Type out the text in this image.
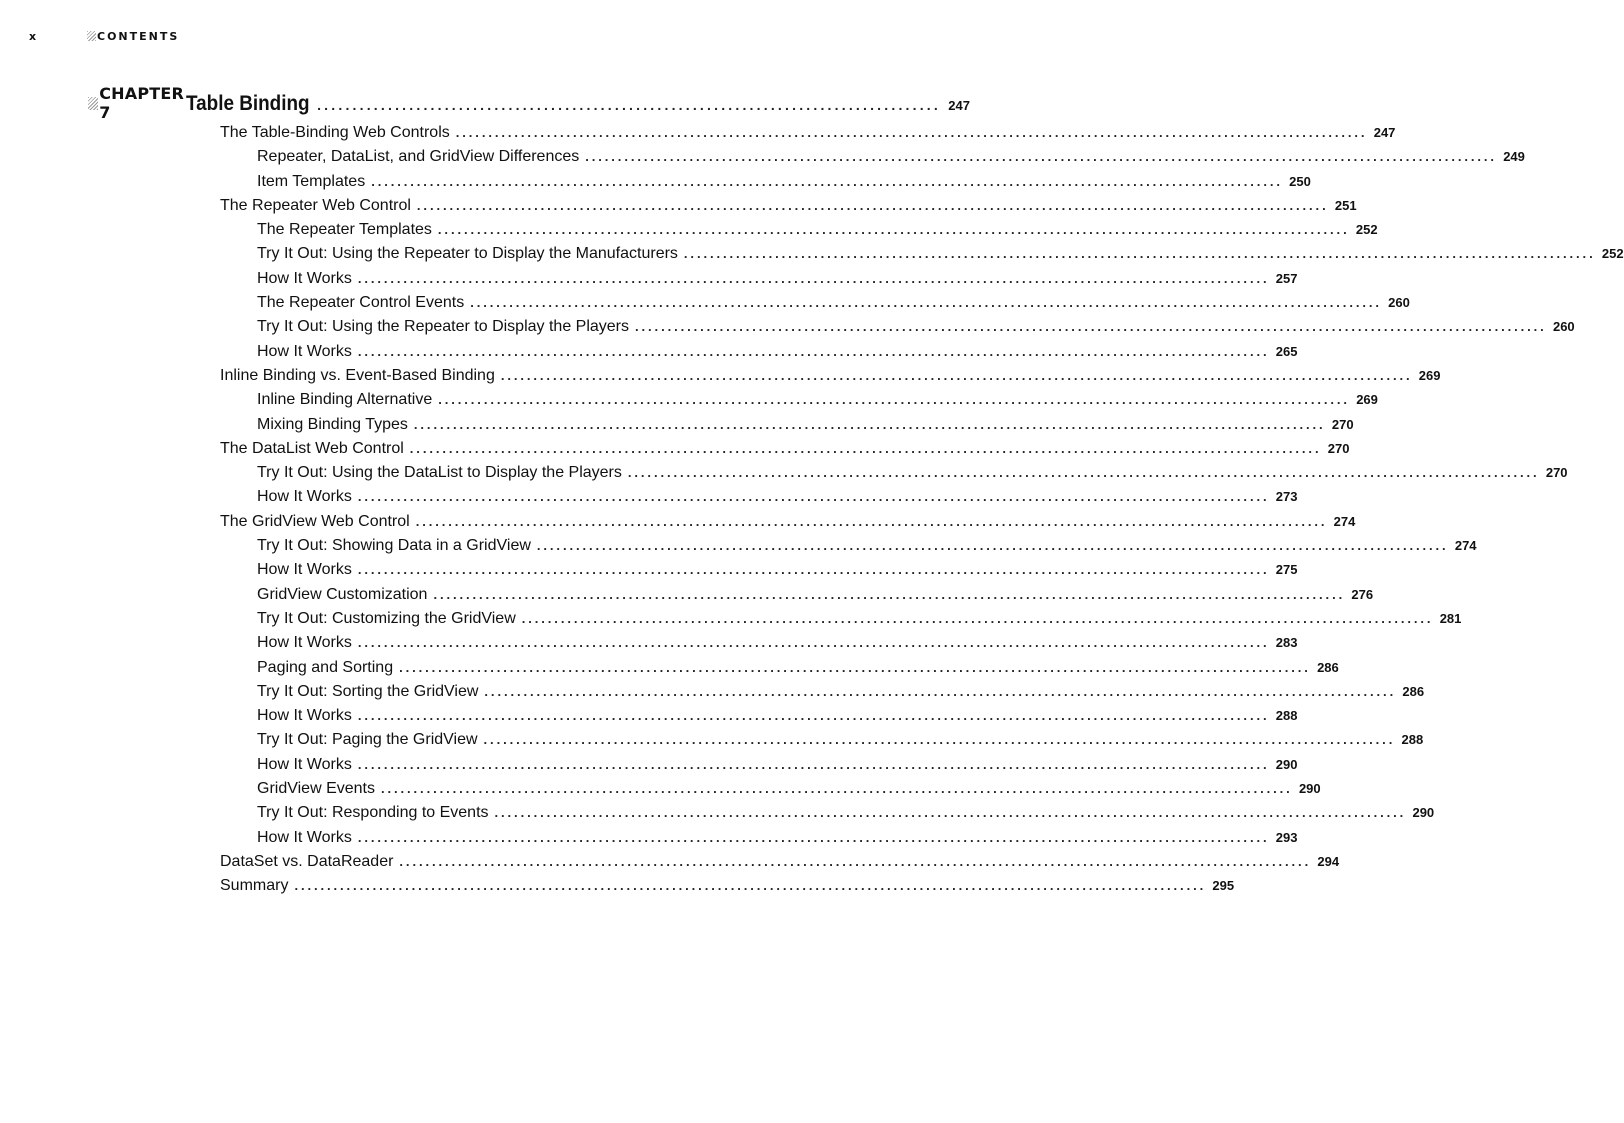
x	CONTENTS
CHAPTER 7	Table Binding ........................................................................................ 247
The Table-Binding Web Controls ............................................................................................................................................ 247
Repeater, DataList, and GridView Differences ............................................................................................................................................ 249
Item Templates ............................................................................................................................................ 250
The Repeater Web Control ............................................................................................................................................ 251
The Repeater Templates ............................................................................................................................................ 252
Try It Out: Using the Repeater to Display the Manufacturers ............................................................................................................................................ 252
How It Works ............................................................................................................................................ 257
The Repeater Control Events ............................................................................................................................................ 260
Try It Out: Using the Repeater to Display the Players ............................................................................................................................................ 260
How It Works ............................................................................................................................................ 265
Inline Binding vs. Event-Based Binding ............................................................................................................................................ 269
Inline Binding Alternative ............................................................................................................................................ 269
Mixing Binding Types ............................................................................................................................................ 270
The DataList Web Control ............................................................................................................................................ 270
Try It Out: Using the DataList to Display the Players ............................................................................................................................................ 270
How It Works ............................................................................................................................................ 273
The GridView Web Control ............................................................................................................................................ 274
Try It Out: Showing Data in a GridView ............................................................................................................................................ 274
How It Works ............................................................................................................................................ 275
GridView Customization ............................................................................................................................................ 276
Try It Out: Customizing the GridView ............................................................................................................................................ 281
How It Works ............................................................................................................................................ 283
Paging and Sorting ............................................................................................................................................ 286
Try It Out: Sorting the GridView ............................................................................................................................................ 286
How It Works ............................................................................................................................................ 288
Try It Out: Paging the GridView ............................................................................................................................................ 288
How It Works ............................................................................................................................................ 290
GridView Events ............................................................................................................................................ 290
Try It Out: Responding to Events ............................................................................................................................................ 290
How It Works ............................................................................................................................................ 293
DataSet vs. DataReader ............................................................................................................................................ 294
Summary ............................................................................................................................................ 295
